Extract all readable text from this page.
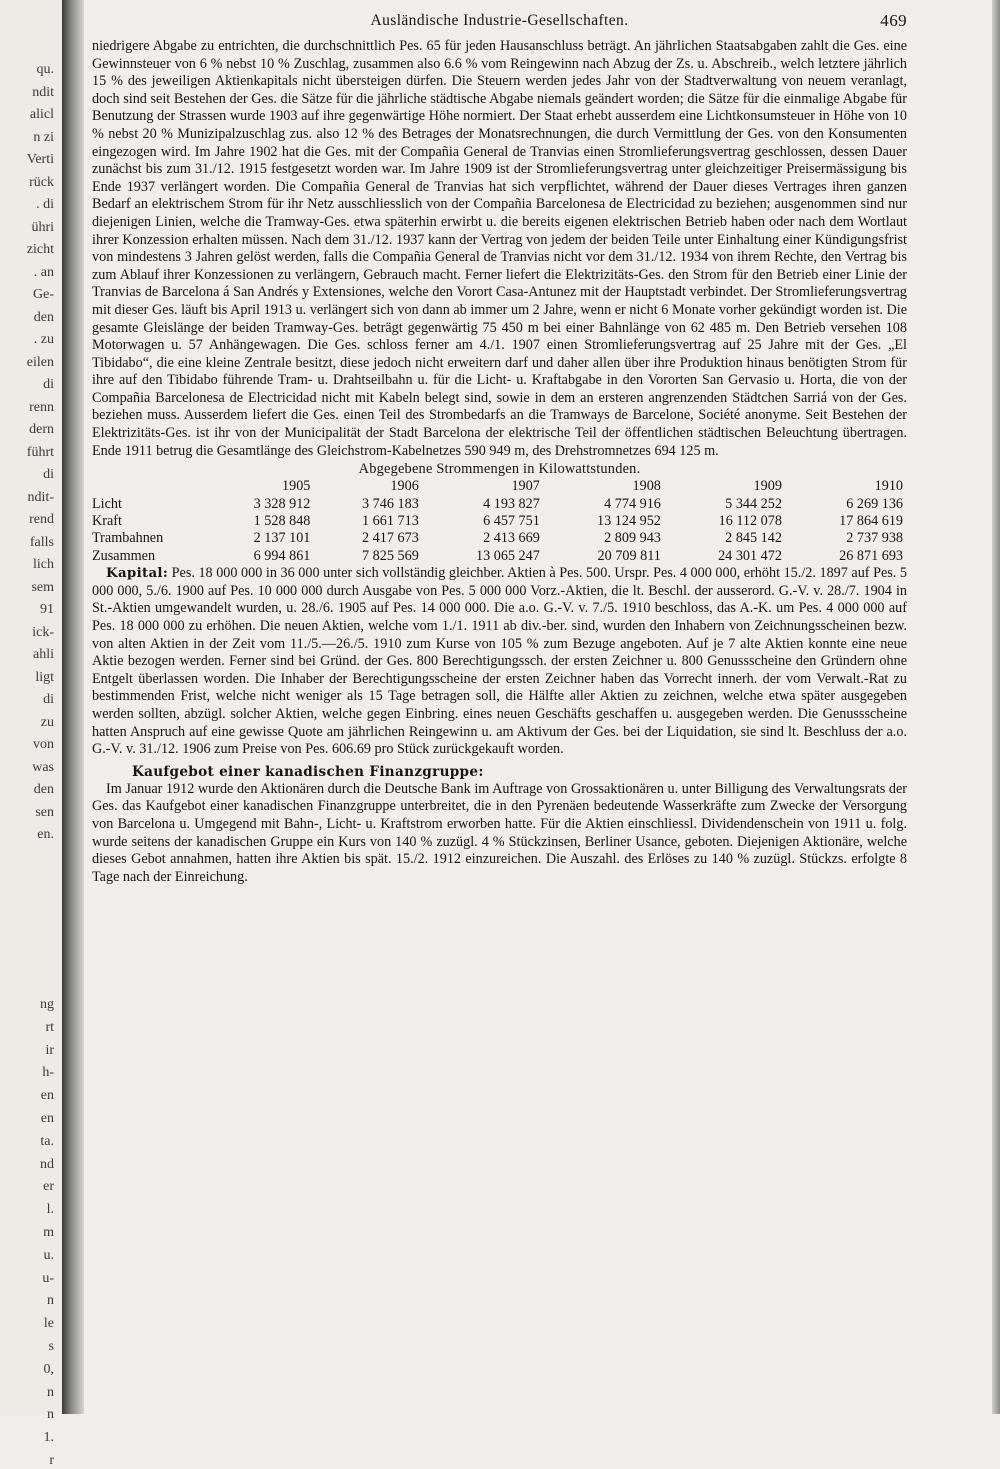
qu.
ndit
alicl
n zi
Verti
rück
. di
ühri
zicht
. an
Ge-
den
. zu
eilen
di
renn
dern
führt
di
ndit-
rend
falls
lich
sem
91
ick-
ahli
ligt
di
zu
von
was
den
sen
en.
ng
rt
ir
h-
en
en
ta.
nd
er
l.
m
u.
u-
n
le
s
0,
n
n
1.
r
Ausländische Industrie-Gesellschaften.	469

niedrigere Abgabe zu entrichten, die durchschnittlich Pes. 65 für jeden Hausanschluss beträgt. An jährlichen Staatsabgaben zahlt die Ges. eine Gewinnsteuer von 6 % nebst 10 % Zuschlag, zusammen also 6.6 % vom Reingewinn nach Abzug der Zs. u. Abschreib., welch letztere jährlich 15 % des jeweiligen Aktienkapitals nicht übersteigen dürfen. Die Steuern werden jedes Jahr von der Stadtverwaltung von neuem veranlagt, doch sind seit Bestehen der Ges. die Sätze für die jährliche städtische Abgabe niemals geändert worden; die Sätze für die einmalige Abgabe für Benutzung der Strassen wurde 1903 auf ihre gegenwärtige Höhe normiert. Der Staat erhebt ausserdem eine Lichtkonsumsteuer in Höhe von 10 % nebst 20 % Munizipalzuschlag zus. also 12 % des Betrages der Monatsrechnungen, die durch Vermittlung der Ges. von den Konsumenten eingezogen wird. Im Jahre 1902 hat die Ges. mit der Compañia General de Tranvias einen Stromlieferungsvertrag geschlossen, dessen Dauer zunächst bis zum 31./12. 1915 festgesetzt worden war. Im Jahre 1909 ist der Stromlieferungsvertrag unter gleichzeitiger Preisermässigung bis Ende 1937 verlängert worden. Die Compañia General de Tranvias hat sich verpflichtet, während der Dauer dieses Vertrages ihren ganzen Bedarf an elektrischem Strom für ihr Netz ausschliesslich von der Compañia Barcelonesa de Electricidad zu beziehen; ausgenommen sind nur diejenigen Linien, welche die Tramway-Ges. etwa späterhin erwirbt u. die bereits eigenen elektrischen Betrieb haben oder nach dem Wortlaut ihrer Konzession erhalten müssen. Nach dem 31./12. 1937 kann der Vertrag von jedem der beiden Teile unter Einhaltung einer Kündigungsfrist von mindestens 3 Jahren gelöst werden, falls die Compañia General de Tranvias nicht vor dem 31./12. 1934 von ihrem Rechte, den Vertrag bis zum Ablauf ihrer Konzessionen zu verlängern, Gebrauch macht. Ferner liefert die Elektrizitäts-Ges. den Strom für den Betrieb einer Linie der Tranvias de Barcelona á San Andrés y Extensiones, welche den Vorort Casa-Antunez mit der Hauptstadt verbindet. Der Stromlieferungsvertrag mit dieser Ges. läuft bis April 1913 u. verlängert sich von dann ab immer um 2 Jahre, wenn er nicht 6 Monate vorher gekündigt worden ist. Die gesamte Gleislänge der beiden Tramway-Ges. beträgt gegenwärtig 75 450 m bei einer Bahnlänge von 62 485 m. Den Betrieb versehen 108 Motorwagen u. 57 Anhängewagen. Die Ges. schloss ferner am 4./1. 1907 einen Stromlieferungsvertrag auf 25 Jahre mit der Ges. „El Tibidabo“, die eine kleine Zentrale besitzt, diese jedoch nicht erweitern darf und daher allen über ihre Produktion hinaus benötigten Strom für ihre auf den Tibidabo führende Tram- u. Drahtseilbahn u. für die Licht- u. Kraftabgabe in den Vororten San Gervasio u. Horta, die von der Compañia Barcelonesa de Electricidad nicht mit Kabeln belegt sind, sowie in dem an ersteren angrenzenden Städtchen Sarriá von der Ges. beziehen muss. Ausserdem liefert die Ges. einen Teil des Strombedarfs an die Tramways de Barcelone, Société anonyme. Seit Bestehen der Elektrizitäts-Ges. ist ihr von der Municipalität der Stadt Barcelona der elektrische Teil der öffentlichen städtischen Beleuchtung übertragen. Ende 1911 betrug die Gesamtlänge des Gleichstrom-Kabelnetzes 590 949 m, des Drehstromnetzes 694 125 m.

Abgegebene Strommengen in Kilowattstunden.
	1905	1906	1907	1908	1909	1910
Licht	3 328 912	3 746 183	4 193 827	4 774 916	5 344 252	6 269 136
Kraft	1 528 848	1 661 713	6 457 751	13 124 952	16 112 078	17 864 619
Trambahnen	2 137 101	2 417 673	2 413 669	2 809 943	2 845 142	2 737 938
Zusammen	6 994 861	7 825 569	13 065 247	20 709 811	24 301 472	26 871 693

Kapital: Pes. 18 000 000 in 36 000 unter sich vollständig gleichber. Aktien à Pes. 500. Urspr. Pes. 4 000 000, erhöht 15./2. 1897 auf Pes. 5 000 000, 5./6. 1900 auf Pes. 10 000 000 durch Ausgabe von Pes. 5 000 000 Vorz.-Aktien, die lt. Beschl. der ausserord. G.-V. v. 28./7. 1904 in St.-Aktien umgewandelt wurden, u. 28./6. 1905 auf Pes. 14 000 000. Die a.o. G.-V. v. 7./5. 1910 beschloss, das A.-K. um Pes. 4 000 000 auf Pes. 18 000 000 zu erhöhen. Die neuen Aktien, welche vom 1./1. 1911 ab div.-ber. sind, wurden den Inhabern von Zeichnungsscheinen bezw. von alten Aktien in der Zeit vom 11./5.—26./5. 1910 zum Kurse von 105 % zum Bezuge angeboten. Auf je 7 alte Aktien konnte eine neue Aktie bezogen werden. Ferner sind bei Gründ. der Ges. 800 Berechtigungssch. der ersten Zeichner u. 800 Genussscheine den Gründern ohne Entgelt überlassen worden. Die Inhaber der Berechtigungsscheine der ersten Zeichner haben das Vorrecht innerh. der vom Verwalt.-Rat zu bestimmenden Frist, welche nicht weniger als 15 Tage betragen soll, die Hälfte aller Aktien zu zeichnen, welche etwa später ausgegeben werden sollten, abzügl. solcher Aktien, welche gegen Einbring. eines neuen Geschäfts geschaffen u. ausgegeben werden. Die Genussscheine hatten Anspruch auf eine gewisse Quote am jährlichen Reingewinn u. am Aktivum der Ges. bei der Liquidation, sie sind lt. Beschluss der a.o. G.-V. v. 31./12. 1906 zum Preise von Pes. 606.69 pro Stück zurückgekauft worden.

Kaufgebot einer kanadischen Finanzgruppe:

Im Januar 1912 wurde den Aktionären durch die Deutsche Bank im Auftrage von Grossaktionären u. unter Billigung des Verwaltungsrats der Ges. das Kaufgebot einer kanadischen Finanzgruppe unterbreitet, die in den Pyrenäen bedeutende Wasserkräfte zum Zwecke der Versorgung von Barcelona u. Umgegend mit Bahn-, Licht- u. Kraftstrom erworben hatte. Für die Aktien einschliessl. Dividendenschein von 1911 u. folg. wurde seitens der kanadischen Gruppe ein Kurs von 140 % zuzügl. 4 % Stückzinsen, Berliner Usance, geboten. Diejenigen Aktionäre, welche dieses Gebot annahmen, hatten ihre Aktien bis spät. 15./2. 1912 einzureichen. Die Auszahl. des Erlöses zu 140 % zuzügl. Stückzs. erfolgte 8 Tage nach der Einreichung.
